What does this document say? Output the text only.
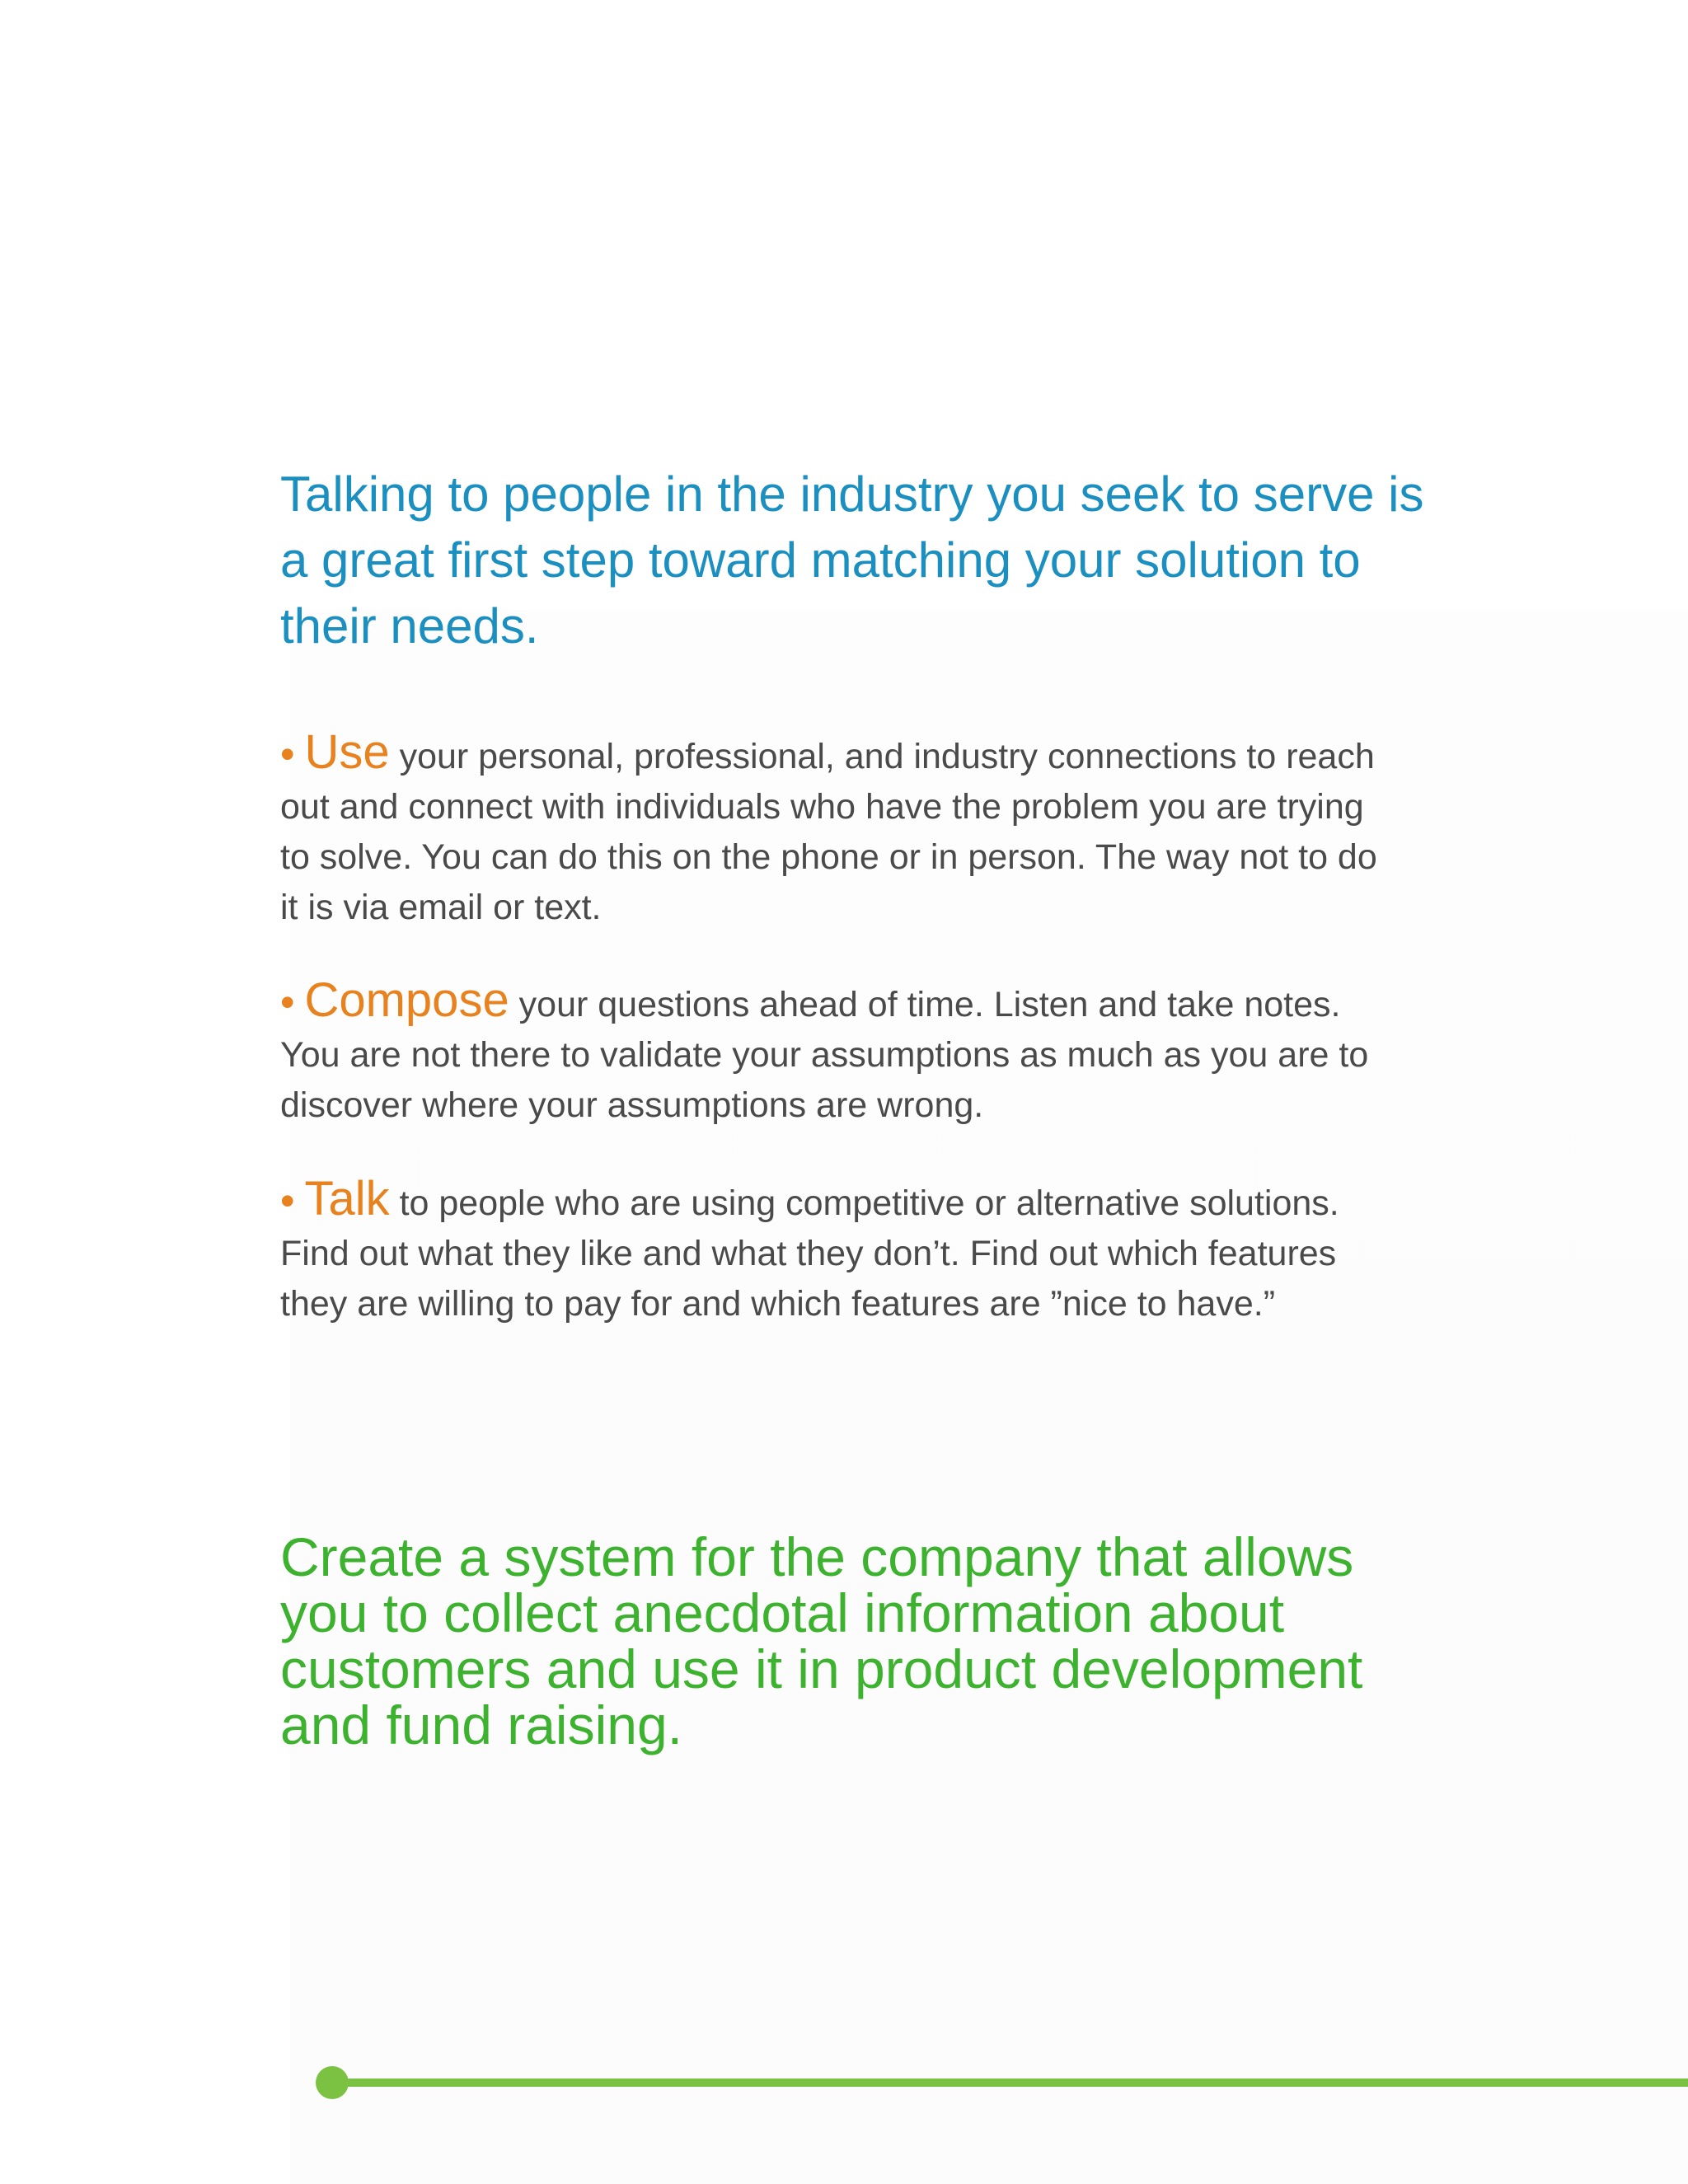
Talking to people in the industry you seek to serve is a great first step toward matching your solution to their needs.
• Use your personal, professional, and industry connections to reach out and connect with individuals who have the problem you are trying to solve. You can do this on the phone or in person. The way not to do it is via email or text.
• Compose your questions ahead of time. Listen and take notes. You are not there to validate your assumptions as much as you are to discover where your assumptions are wrong.
• Talk to people who are using competitive or alternative solutions. Find out what they like and what they don’t. Find out which features they are willing to pay for and which features are ”nice to have.”
Create a system for the company that allows you to collect anecdotal information about customers and use it in product development and fund raising.
